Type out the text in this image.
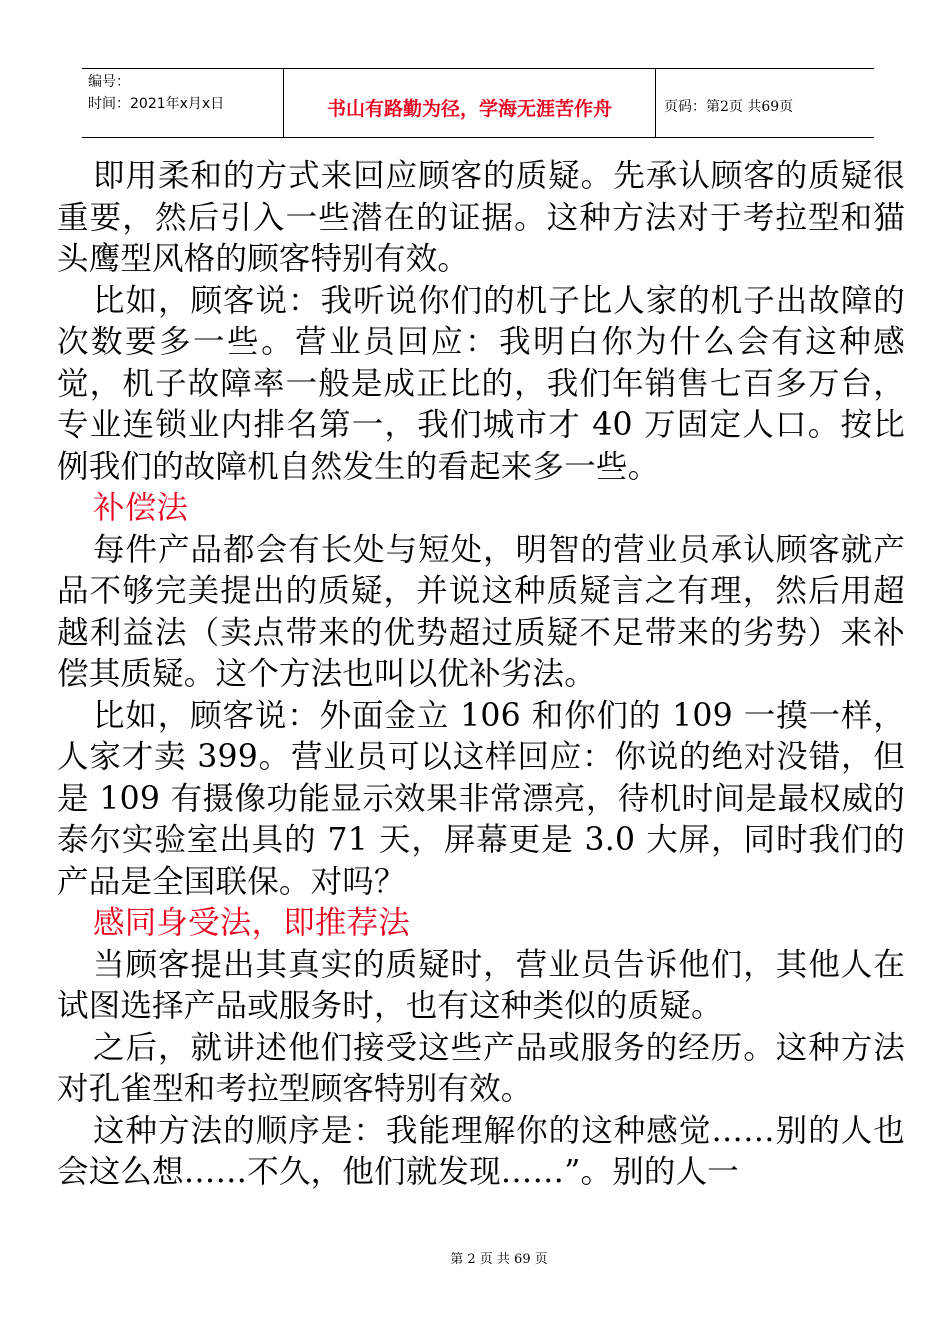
编号：
时间：2021年x月x日	书山有路勤为径，学海无涯苦作舟	页码：第2页 共69页

即用柔和的方式来回应顾客的质疑。先承认顾客的质疑很重要，然后引入一些潜在的证据。这种方法对于考拉型和猫头鹰型风格的顾客特别有效。

比如，顾客说：我听说你们的机子比人家的机子出故障的次数要多一些。营业员回应：我明白你为什么会有这种感觉，机子故障率一般是成正比的，我们年销售七百多万台，专业连锁业内排名第一，我们城市才 40 万固定人口。按比例我们的故障机自然发生的看起来多一些。

补偿法

每件产品都会有长处与短处，明智的营业员承认顾客就产品不够完美提出的质疑，并说这种质疑言之有理，然后用超越利益法（卖点带来的优势超过质疑不足带来的劣势）来补偿其质疑。这个方法也叫以优补劣法。

比如，顾客说：外面金立 106 和你们的 109 一摸一样，人家才卖 399。营业员可以这样回应：你说的绝对没错，但是 109 有摄像功能显示效果非常漂亮，待机时间是最权威的泰尔实验室出具的 71 天，屏幕更是 3.0 大屏，同时我们的产品是全国联保。对吗？

感同身受法，即推荐法

当顾客提出其真实的质疑时，营业员告诉他们，其他人在试图选择产品或服务时，也有这种类似的质疑。

之后，就讲述他们接受这些产品或服务的经历。这种方法对孔雀型和考拉型顾客特别有效。

这种方法的顺序是：我能理解你的这种感觉……别的人也会这么想……不久，他们就发现……”。别的人一

第 2 页 共 69 页
